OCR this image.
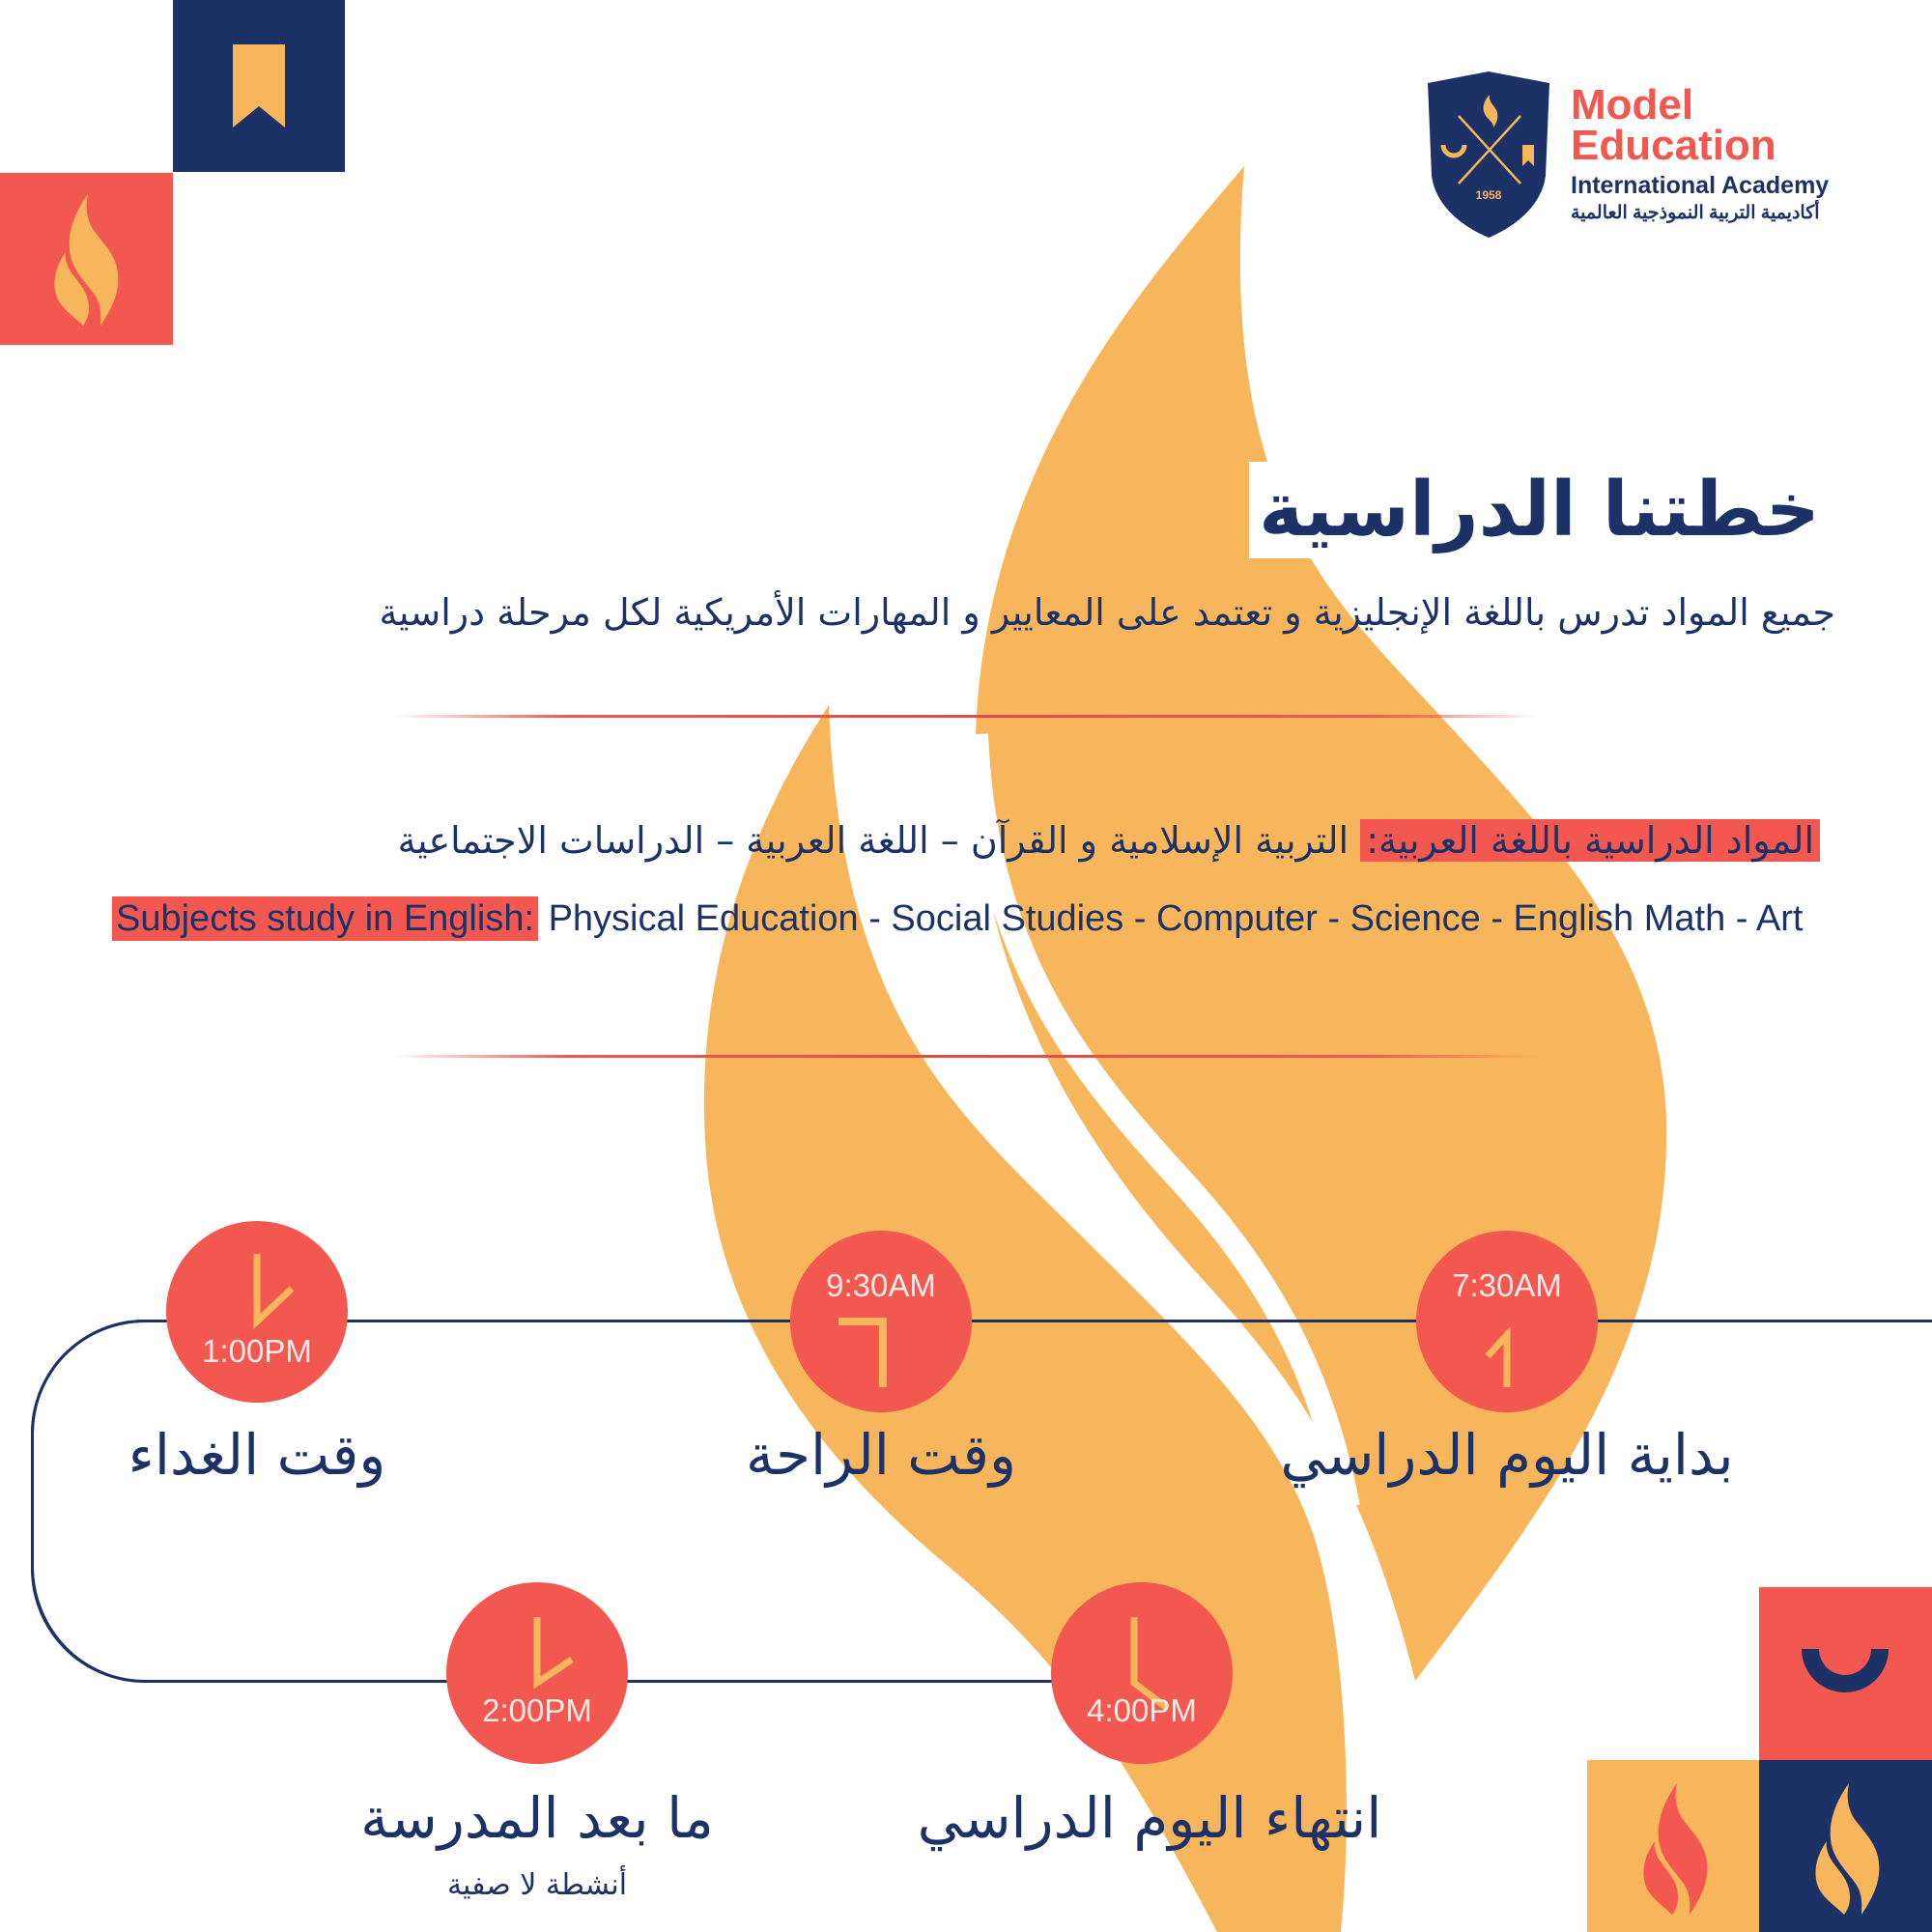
1958
Model
Education
International Academy
أكاديمية التربية النموذجية العالمية
خطتنا الدراسية
جميع المواد تدرس باللغة الإنجليزية و تعتمد على المعايير و المهارات الأمريكية لكل مرحلة دراسية
المواد الدراسية باللغة العربية: التربية الإسلامية و القرآن – اللغة العربية – الدراسات الاجتماعية
Subjects study in English: Physical Education - Social Studies - Computer - Science - English Math - Art
7:30AM
بداية اليوم الدراسي
9:30AM
وقت الراحة
1:00PM
وقت الغداء
2:00PM
ما بعد المدرسة
أنشطة لا صفية
4:00PM
انتهاء اليوم الدراسي
